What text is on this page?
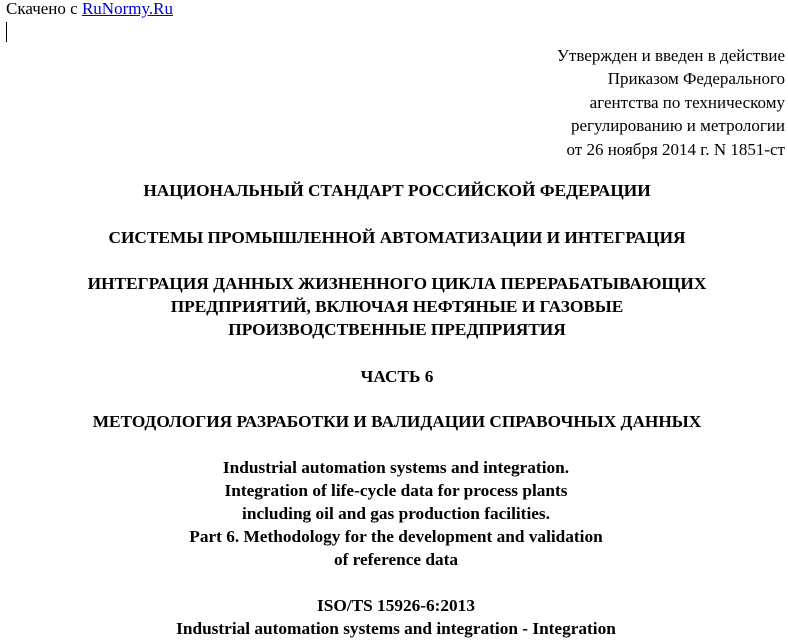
Скачено с RuNormy.Ru
Утвержден и введен в действие
Приказом Федерального
агентства по техническому
регулированию и метрологии
от 26 ноября 2014 г. N 1851-ст
НАЦИОНАЛЬНЫЙ СТАНДАРТ РОССИЙСКОЙ ФЕДЕРАЦИИ
СИСТЕМЫ ПРОМЫШЛЕННОЙ АВТОМАТИЗАЦИИ И ИНТЕГРАЦИЯ
ИНТЕГРАЦИЯ ДАННЫХ ЖИЗНЕННОГО ЦИКЛА ПЕРЕРАБАТЫВАЮЩИХ
ПРЕДПРИЯТИЙ, ВКЛЮЧАЯ НЕФТЯНЫЕ И ГАЗОВЫЕ
ПРОИЗВОДСТВЕННЫЕ ПРЕДПРИЯТИЯ
ЧАСТЬ 6
МЕТОДОЛОГИЯ РАЗРАБОТКИ И ВАЛИДАЦИИ СПРАВОЧНЫХ ДАННЫХ
Industrial automation systems and integration.
Integration of life-cycle data for process plants
including oil and gas production facilities.
Part 6. Methodology for the development and validation
of reference data
ISO/TS 15926-6:2013
Industrial automation systems and integration - Integration
